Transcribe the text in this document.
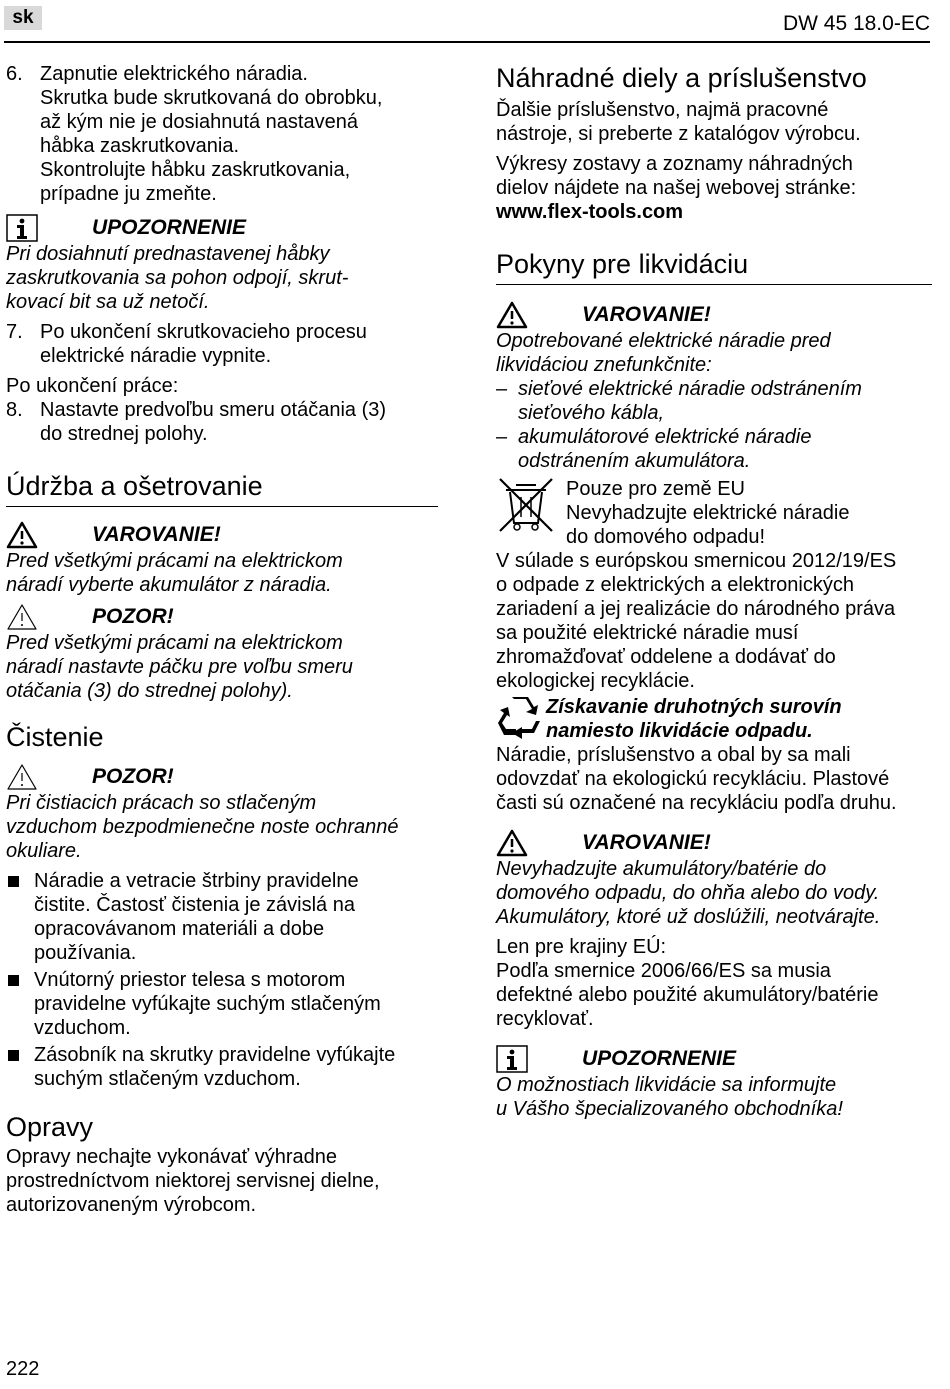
sk	DW 45 18.0-EC
6. Zapnutie elektrického náradia.

Skrutka bude skrutkovaná do obrobku,

až kým nie je dosiahnutá nastavená

håbka zaskrutkovania.

Skontrolujte håbku zaskrutkovania,

prípadne ju zmeňte.

UPOZORNENIE

Pri dosiahnutí prednastavenej håbky

zaskrutkovania sa pohon odpojí, skrut-

kovací bit sa už netočí.

7. Po ukončení skrutkovacieho procesu

elektrické náradie vypnite.

Po ukončení práce:

8. Nastavte predvoľbu smeru otáčania (3)

do strednej polohy.

Údržba a ošetrovanie
VAROVANIE!

Pred všetkými prácami na elektrickom

náradí vyberte akumulátor z náradia.

POZOR!

Pred všetkými prácami na elektrickom

náradí nastavte páčku pre voľbu smeru

otáčania (3) do strednej polohy).

Čistenie
POZOR!

Pri čistiacich prácach so stlačeným

vzduchom bezpodmienečne noste ochranné

okuliare.

Náradie a vetracie štrbiny pravidelne

čistite. Častosť čistenia je závislá na

opracovávanom materiáli a dobe

používania.

Vnútorný priestor telesa s motorom

pravidelne vyfúkajte suchým stlačeným

vzduchom.

Zásobník na skrutky pravidelne vyfúkajte

suchým stlačeným vzduchom.

Opravy

Opravy nechajte vykonávať výhradne

prostredníctvom niektorej servisnej dielne,

autorizovaneným výrobcom.

Náhradné diely a príslušenstvo

Ďalšie príslušenstvo, najmä pracovné

nástroje, si preberte z katalógov výrobcu.

Výkresy zostavy a zoznamy náhradných

dielov nájdete na našej webovej stránke:

www.flex-tools.com

Pokyny pre likvidáciu
VAROVANIE!

Opotrebované elektrické náradie pred

likvidáciou znefunkčnite:

– sieťové elektrické náradie odstránením

sieťového kábla,

– akumulátorové elektrické náradie

odstránením akumulátora.

Pouze pro země EU

Nevyhadzujte elektrické náradie

do domového odpadu!

V súlade s európskou smernicou 2012/19/ES

o odpade z elektrických a elektronických

zariadení a jej realizácie do národného práva

sa použité elektrické náradie musí

zhromažďovať oddelene a dodávať do

ekologickej recyklácie.

Získavanie druhotných surovín

namiesto likvidácie odpadu.

Náradie, príslušenstvo a obal by sa mali

odovzdať na ekologickú recykláciu. Plastové

časti sú označené na recykláciu podľa druhu.

VAROVANIE!

Nevyhadzujte akumulátory/batérie do

domového odpadu, do ohňa alebo do vody.

Akumulátory, ktoré už doslúžili, neotvárajte.

Len pre krajiny EÚ:

Podľa smernice 2006/66/ES sa musia

defektné alebo použité akumulátory/batérie

recyklovať.

UPOZORNENIE

O možnostiach likvidácie sa informujte

u Vášho špecializovaného obchodníka!

222
